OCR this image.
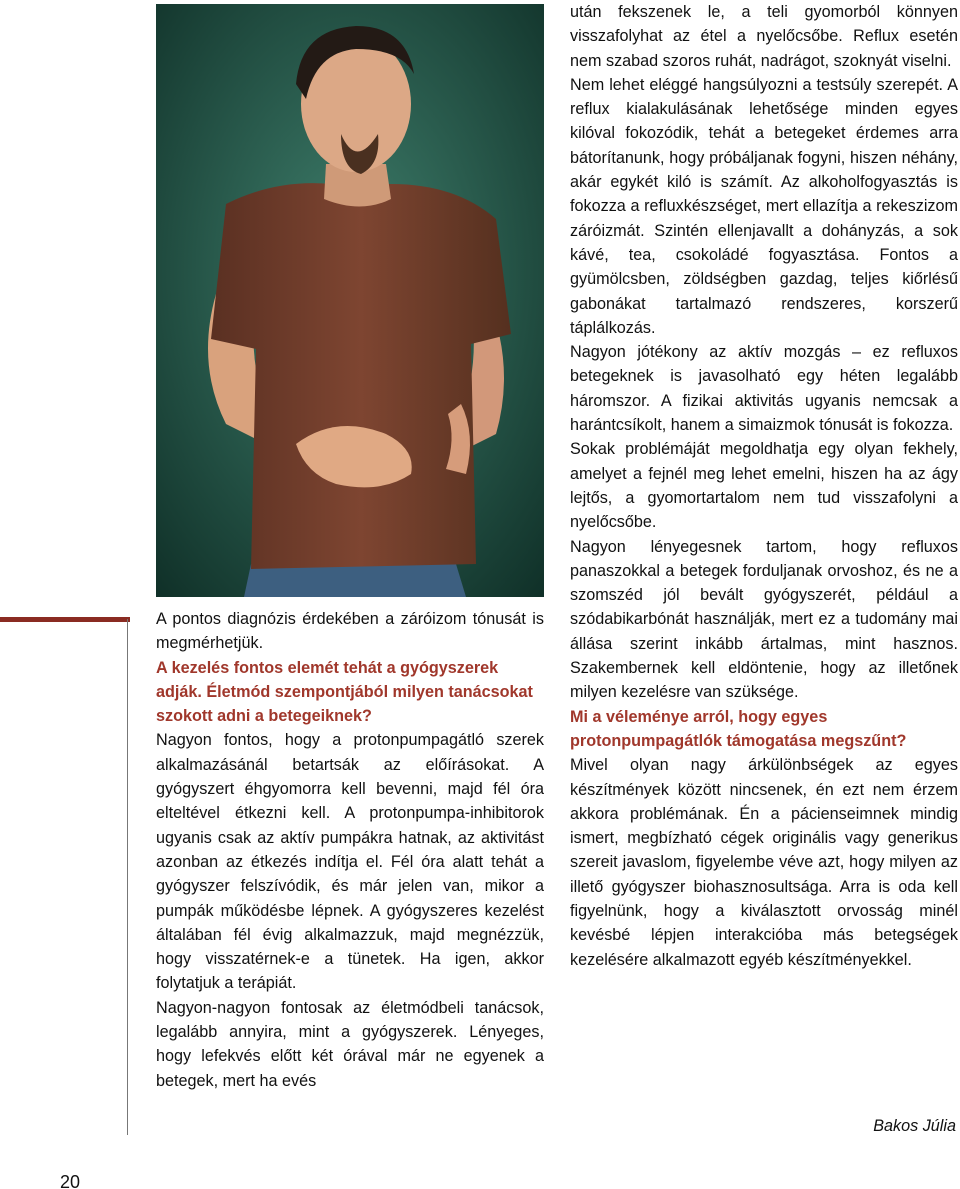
A pontos diagnózis érdekében a záróizom tónusát is megmérhetjük.

A kezelés fontos elemét tehát a gyógyszerek adják. Életmód szempontjából milyen tanácsokat szokott adni a betegeiknek?

Nagyon fontos, hogy a protonpumpagátló szerek alkalmazásánál betartsák az előírásokat. A gyógyszert éhgyomorra kell bevenni, majd fél óra elteltével étkezni kell. A protonpumpa-inhibitorok ugyanis csak az aktív pumpákra hatnak, az aktivitást azonban az étkezés indítja el. Fél óra alatt tehát a gyógyszer felszívódik, és már jelen van, mikor a pumpák működésbe lépnek. A gyógyszeres kezelést általában fél évig alkalmazzuk, majd megnézzük, hogy visszatérnek-e a tünetek. Ha igen, akkor folytatjuk a terápiát.

Nagyon-nagyon fontosak az életmódbeli tanácsok, legalább annyira, mint a gyógyszerek. Lényeges, hogy lefekvés előtt két órával már ne egyenek a betegek, mert ha evés

után fekszenek le, a teli gyomorból könnyen visszafolyhat az étel a nyelőcsőbe. Reflux esetén nem szabad szoros ruhát, nadrágot, szoknyát viselni.

Nem lehet eléggé hangsúlyozni a testsúly szerepét. A reflux kialakulásának lehetősége minden egyes kilóval fokozódik, tehát a betegeket érdemes arra bátorítanunk, hogy próbáljanak fogyni, hiszen néhány, akár egykét kiló is számít. Az alkoholfogyasztás is fokozza a refluxkészséget, mert ellazítja a rekeszizom záróizmát. Szintén ellenjavallt a dohányzás, a sok kávé, tea, csokoládé fogyasztása. Fontos a gyümölcsben, zöldségben gazdag, teljes kiőrlésű gabonákat tartalmazó rendszeres, korszerű táplálkozás.

Nagyon jótékony az aktív mozgás – ez refluxos betegeknek is javasolható egy héten legalább háromszor. A fizikai aktivitás ugyanis nemcsak a harántcsíkolt, hanem a simaizmok tónusát is fokozza.

Sokak problémáját megoldhatja egy olyan fekhely, amelyet a fejnél meg lehet emelni, hiszen ha az ágy lejtős, a gyomortartalom nem tud visszafolyni a nyelőcsőbe.

Nagyon lényegesnek tartom, hogy refluxos panaszokkal a betegek forduljanak orvoshoz, és ne a szomszéd jól bevált gyógyszerét, például a szódabikarbónát használják, mert ez a tudomány mai állása szerint inkább ártalmas, mint hasznos. Szakembernek kell eldöntenie, hogy az illetőnek milyen kezelésre van szüksége.

Mi a véleménye arról, hogy egyes protonpumpagátlók támogatása megszűnt?

Mivel olyan nagy árkülönbségek az egyes készítmények között nincsenek, én ezt nem érzem akkora problémának. Én a pácienseimnek mindig ismert, megbízható cégek originális vagy generikus szereit javaslom, figyelembe véve azt, hogy milyen az illető gyógyszer biohasznosultsága. Arra is oda kell figyelnünk, hogy a kiválasztott orvosság minél kevésbé lépjen interakcióba más betegségek kezelésére alkalmazott egyéb készítményekkel.

Bakos Júlia
20
